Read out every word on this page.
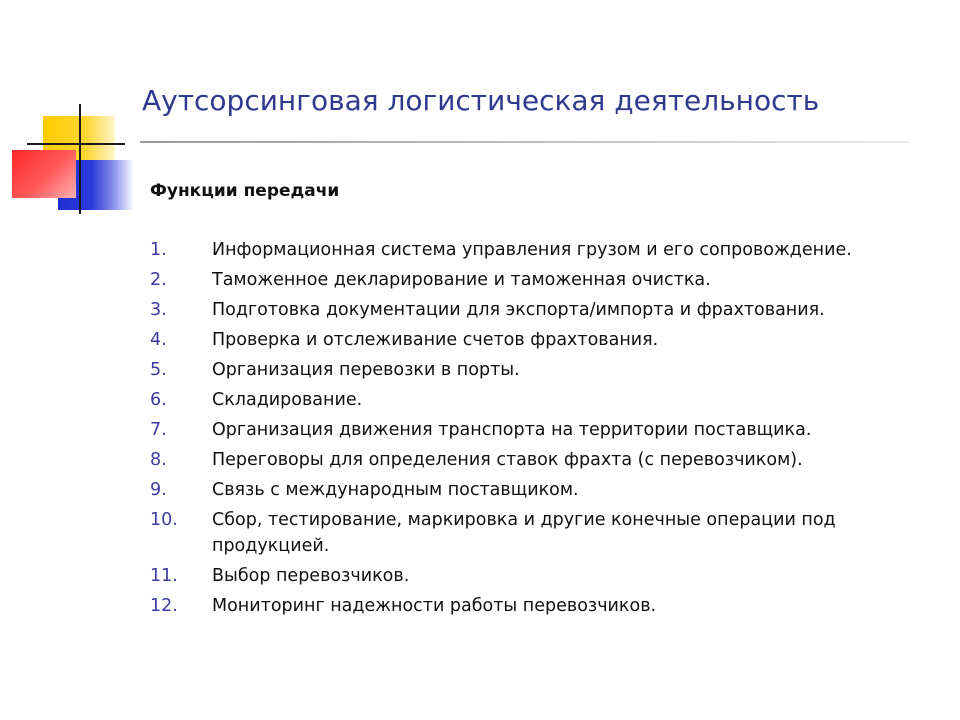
Аутсорсинговая логистическая деятельность
Функции передачи
1.	Информационная система управления грузом и его сопровождение.
2.	Таможенное декларирование и таможенная очистка.
3.	Подготовка документации для экспорта/импорта и фрахтования.
4.	Проверка и отслеживание счетов фрахтования.
5.	Организация перевозки в порты.
6.	Складирование.
7.	Организация движения транспорта на территории поставщика.
8.	Переговоры для определения ставок фрахта (с перевозчиком).
9.	Связь с международным поставщиком.
10.	Сбор, тестирование, маркировка и другие конечные операции под продукцией.
11.	Выбор перевозчиков.
12.	Мониторинг надежности работы перевозчиков.
